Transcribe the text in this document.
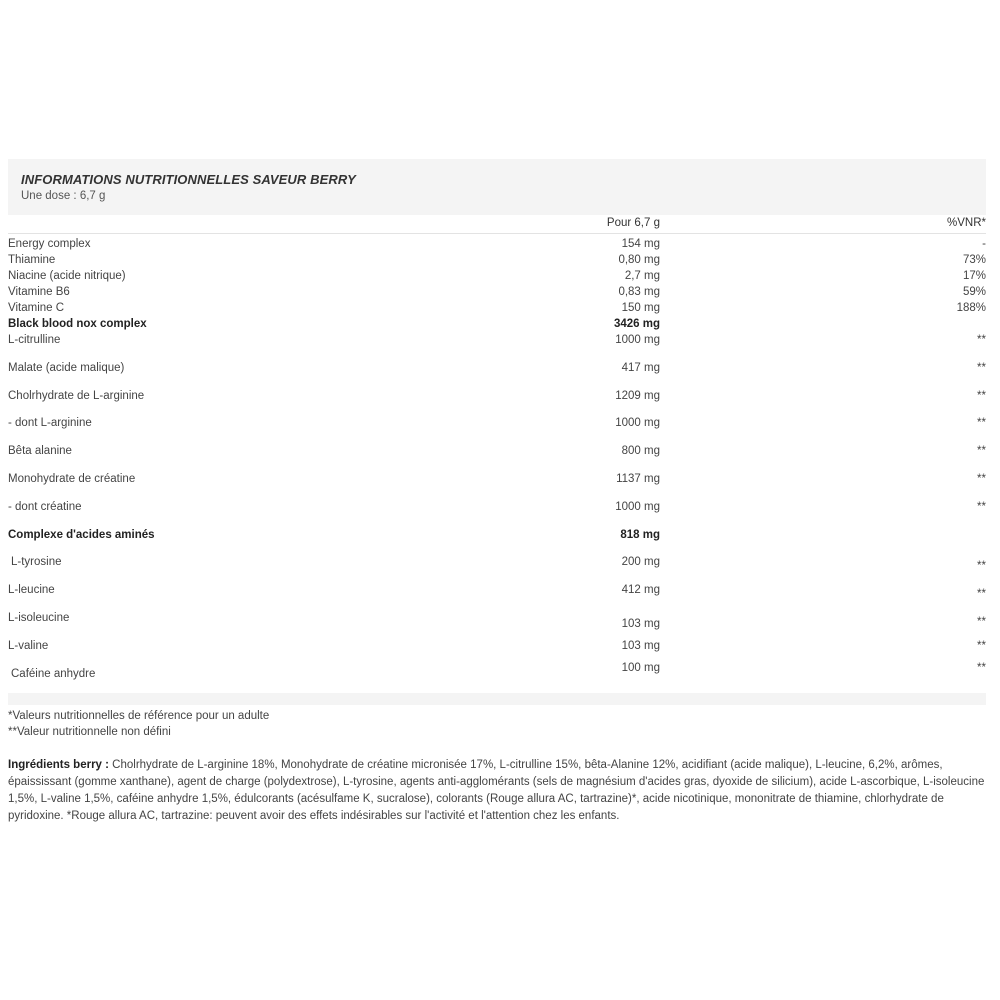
INFORMATIONS NUTRITIONNELLES SAVEUR BERRY
Une dose : 6,7 g
Pour 6,7 g	%VNR*
Energy complex	154 mg	-
Thiamine	0,80 mg	73%
Niacine (acide nitrique)	2,7 mg	17%
Vitamine B6	0,83 mg	59%
Vitamine C	150 mg	188%
Black blood nox complex	3426 mg
L-citrulline	1000 mg	**
Malate (acide malique)	417 mg	**
Cholrhydrate de L-arginine	1209 mg	**
- dont L-arginine	1000 mg	**
Bêta alanine	800 mg	**
Monohydrate de créatine	1137 mg	**
- dont créatine	1000 mg	**
Complexe d'acides aminés	818 mg
L-tyrosine	200 mg	**
L-leucine	412 mg	**
L-isoleucine	103 mg	**
L-valine	103 mg	**
Caféine anhydre	100 mg	**
*Valeurs nutritionnelles de référence pour un adulte
**Valeur nutritionnelle non défini
Ingrédients berry : Cholrhydrate de L-arginine 18%, Monohydrate de créatine micronisée 17%, L-citrulline 15%, bêta-Alanine 12%, acidifiant (acide malique), L-leucine, 6,2%, arômes, épaississant (gomme xanthane), agent de charge (polydextrose), L-tyrosine, agents anti-agglomérants (sels de magnésium d'acides gras, dyoxide de silicium), acide L-ascorbique, L-isoleucine 1,5%, L-valine 1,5%, caféine anhydre 1,5%, édulcorants (acésulfame K, sucralose), colorants (Rouge allura AC, tartrazine)*, acide nicotinique, mononitrate de thiamine, chlorhydrate de pyridoxine. *Rouge allura AC, tartrazine: peuvent avoir des effets indésirables sur l'activité et l'attention chez les enfants.
